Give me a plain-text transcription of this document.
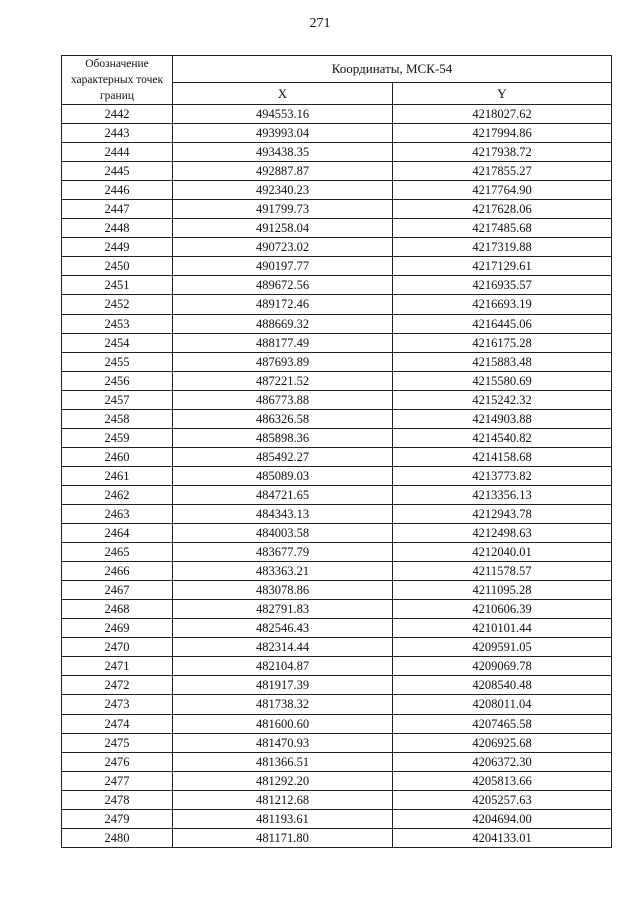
271
Обозначение характерных точек границ	Координаты, МСК-54	
	X	Y
2442	494553.16	4218027.62
2443	493993.04	4217994.86
2444	493438.35	4217938.72
2445	492887.87	4217855.27
2446	492340.23	4217764.90
2447	491799.73	4217628.06
2448	491258.04	4217485.68
2449	490723.02	4217319.88
2450	490197.77	4217129.61
2451	489672.56	4216935.57
2452	489172.46	4216693.19
2453	488669.32	4216445.06
2454	488177.49	4216175.28
2455	487693.89	4215883.48
2456	487221.52	4215580.69
2457	486773.88	4215242.32
2458	486326.58	4214903.88
2459	485898.36	4214540.82
2460	485492.27	4214158.68
2461	485089.03	4213773.82
2462	484721.65	4213356.13
2463	484343.13	4212943.78
2464	484003.58	4212498.63
2465	483677.79	4212040.01
2466	483363.21	4211578.57
2467	483078.86	4211095.28
2468	482791.83	4210606.39
2469	482546.43	4210101.44
2470	482314.44	4209591.05
2471	482104.87	4209069.78
2472	481917.39	4208540.48
2473	481738.32	4208011.04
2474	481600.60	4207465.58
2475	481470.93	4206925.68
2476	481366.51	4206372.30
2477	481292.20	4205813.66
2478	481212.68	4205257.63
2479	481193.61	4204694.00
2480	481171.80	4204133.01
